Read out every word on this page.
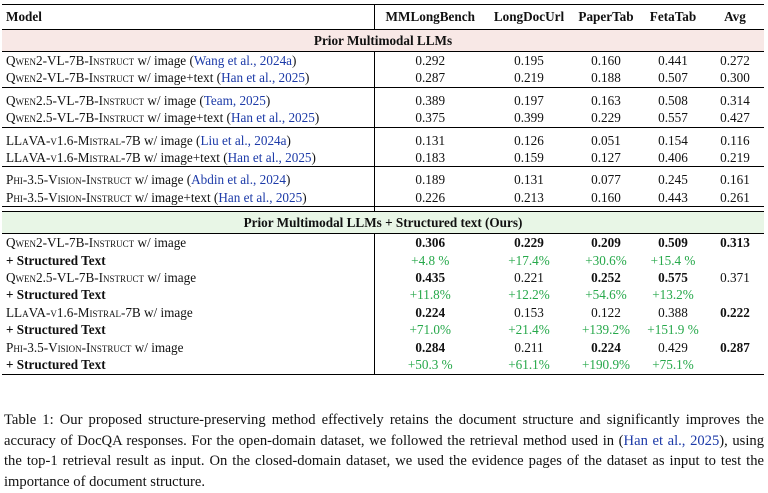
Model	MMLongBench	LongDocUrl	PaperTab	FetaTab	Avg
Prior Multimodal LLMs					
Qwen2-VL-7B-Instruct w/ image (Wang et al., 2024a)	0.292	0.195	0.160	0.441	0.272
Qwen2-VL-7B-Instruct w/ image+text (Han et al., 2025)	0.287	0.219	0.188	0.507	0.300

Qwen2.5-VL-7B-Instruct w/ image (Team, 2025)	0.389	0.197	0.163	0.508	0.314
Qwen2.5-VL-7B-Instruct w/ image+text (Han et al., 2025)	0.375	0.399	0.229	0.557	0.427

LLaVA-v1.6-Mistral-7B w/ image (Liu et al., 2024a)	0.131	0.126	0.051	0.154	0.116
LLaVA-v1.6-Mistral-7B w/ image+text (Han et al., 2025)	0.183	0.159	0.127	0.406	0.219

Phi-3.5-Vision-Instruct w/ image (Abdin et al., 2024)	0.189	0.131	0.077	0.245	0.161
Phi-3.5-Vision-Instruct w/ image+text (Han et al., 2025)	0.226	0.213	0.160	0.443	0.261

Prior Multimodal LLMs + Structured text (Ours)					
Qwen2-VL-7B-Instruct w/ image	0.306	0.229	0.209	0.509	0.313
+ Structured Text	+4.8 %	+17.4%	+30.6%	+15.4 %	
Qwen2.5-VL-7B-Instruct w/ image	0.435	0.221	0.252	0.575	0.371
+ Structured Text	+11.8%	+12.2%	+54.6%	+13.2%	
LLaVA-v1.6-Mistral-7B w/ image	0.224	0.153	0.122	0.388	0.222
+ Structured Text	+71.0%	+21.4%	+139.2%	+151.9 %	
Phi-3.5-Vision-Instruct w/ image	0.284	0.211	0.224	0.429	0.287
+ Structured Text	+50.3 %	+61.1%	+190.9%	+75.1%	
Table 1: Our proposed structure-preserving method effectively retains the document structure and significantly improves the accuracy of DocQA responses. For the open-domain dataset, we followed the retrieval method used in (Han et al., 2025), using the top-1 retrieval result as input. On the closed-domain dataset, we used the evidence pages of the dataset as input to test the importance of document structure.
